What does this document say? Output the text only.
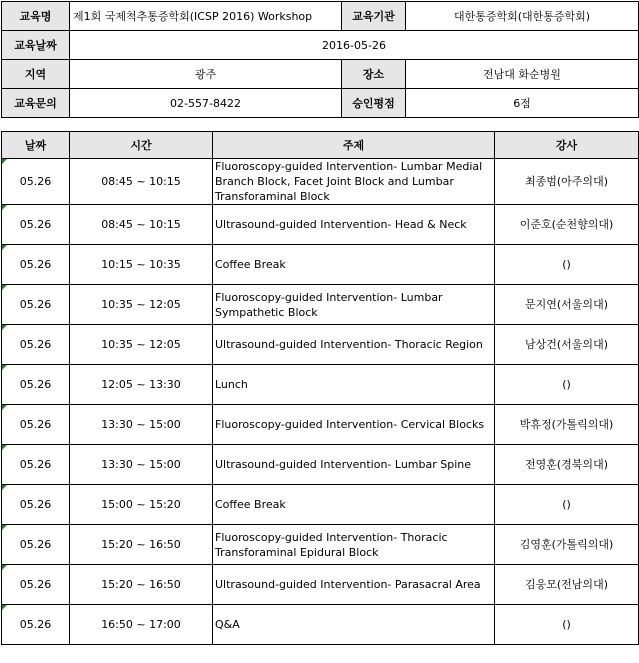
교육명	제1회 국제척추통증학회(ICSP 2016) Workshop	교육기관	대한통증학회(대한통증학회)
교육날짜	2016-05-26		
지역	광주	장소	전남대 화순병원
교육문의	02-557-8422	승인평점	6점
날짜	시간	주제	강사
05.26	08:45 ~ 10:15	Fluoroscopy-guided Intervention- Lumbar Medial Branch Block, Facet Joint Block and Lumbar Transforaminal Block	최종범(아주의대)
05.26	08:45 ~ 10:15	Ultrasound-guided Intervention- Head & Neck	이준호(순천향의대)
05.26	10:15 ~ 10:35	Coffee Break	()
05.26	10:35 ~ 12:05	Fluoroscopy-guided Intervention- Lumbar Sympathetic Block	문지연(서울의대)
05.26	10:35 ~ 12:05	Ultrasound-guided Intervention- Thoracic Region	남상건(서울의대)
05.26	12:05 ~ 13:30	Lunch	()
05.26	13:30 ~ 15:00	Fluoroscopy-guided Intervention- Cervical Blocks	박휴정(가톨릭의대)
05.26	13:30 ~ 15:00	Ultrasound-guided Intervention- Lumbar Spine	전영훈(경북의대)
05.26	15:00 ~ 15:20	Coffee Break	()
05.26	15:20 ~ 16:50	Fluoroscopy-guided Intervention- Thoracic Transforaminal Epidural Block	김영훈(가톨릭의대)
05.26	15:20 ~ 16:50	Ultrasound-guided Intervention- Parasacral Area	김웅모(전남의대)
05.26	16:50 ~ 17:00	Q&A	()
